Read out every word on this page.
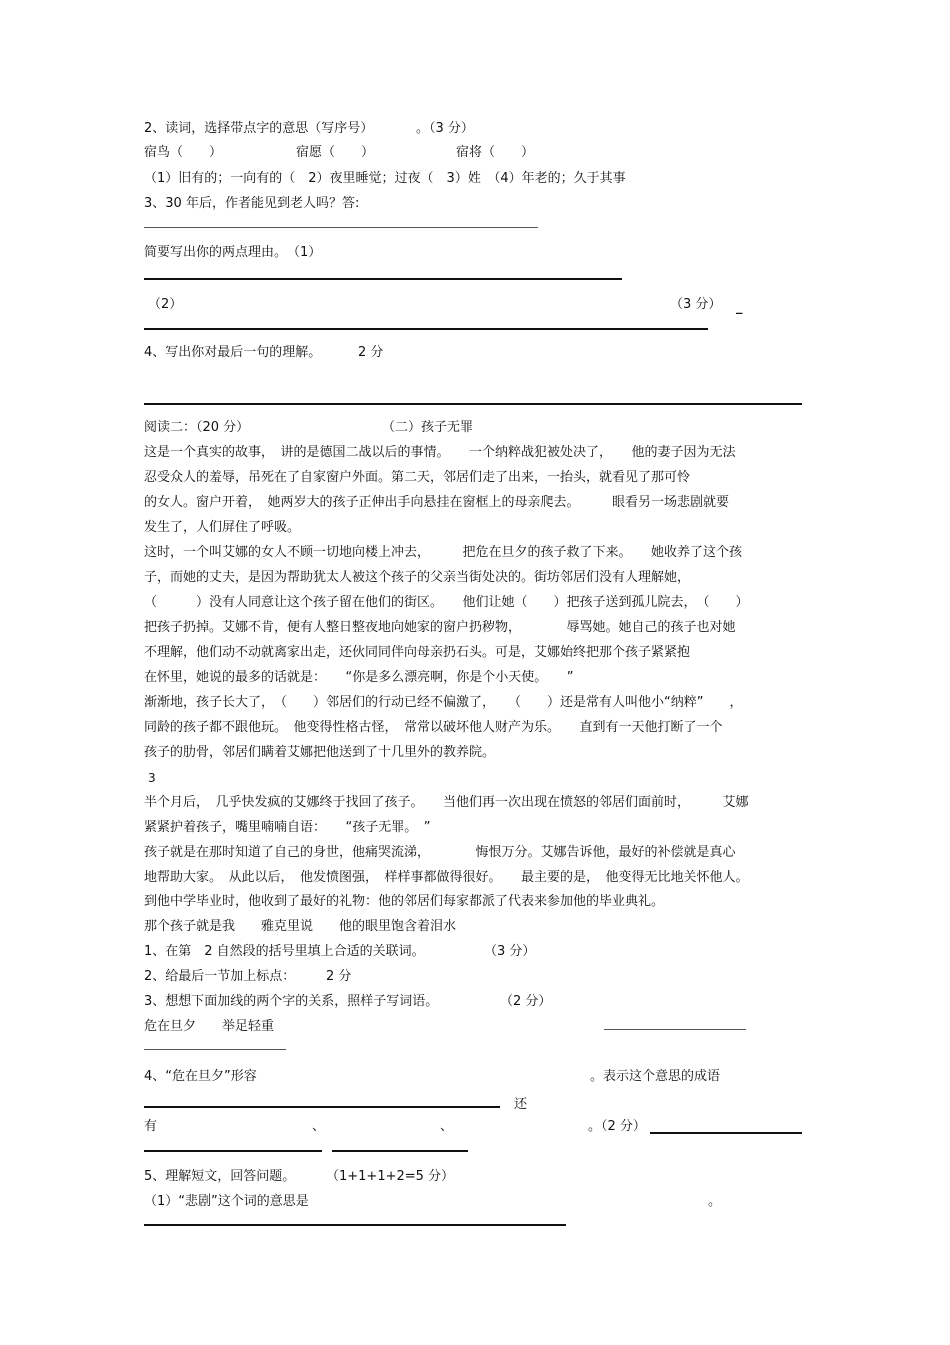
2、读词，选择带点字的意思（写序号）	。（3 分）
宿鸟（　　）	宿愿（　　）	宿将（　　）
（1）旧有的；一向有的（　2）夜里睡觉；过夜（　3）姓　（4）年老的；久于其事
3、30 年后，作者能见到老人吗？答:
简要写出你的两点理由。　（1）
（2）	（3 分） _
4、写出你对最后一句的理解。	2 分
阅读二：（20 分）	（二）孩子无罪
这是一个真实的故事，　讲的是德国二战以后的事情。　　一个纳粹战犯被处决了，　　他的妻子因为无法
忍受众人的羞辱，吊死在了自家窗户外面。第二天，邻居们走了出来，一抬头，就看见了那可怜
的女人。窗户开着，　她两岁大的孩子正伸出手向悬挂在窗框上的母亲爬去。　　　眼看另一场悲剧就要
发生了，人们屏住了呼吸。
这时，一个叫艾娜的女人不顾一切地向楼上冲去，　　　把危在旦夕的孩子救了下来。　　她收养了这个孩
子，而她的丈夫，是因为帮助犹太人被这个孩子的父亲当街处决的。街坊邻居们没有人理解她，
（　　　）没有人同意让这个孩子留在他们的街区。　　他们让她（　　）把孩子送到孤儿院去，　（　　）
把孩子扔掉。艾娜不肯，便有人整日整夜地向她家的窗户扔秽物，　　　　辱骂她。她自己的孩子也对她
不理解，他们动不动就离家出走，还伙同同伴向母亲扔石头。可是，艾娜始终把那个孩子紧紧抱
在怀里，她说的最多的话就是：　　“你是多么漂亮啊，你是个小天使。　　”
渐渐地，孩子长大了，　（　　）邻居们的行动已经不偏激了，　　（　　）还是常有人叫他小“纳粹”　　，
同龄的孩子都不跟他玩。　他变得性格古怪，　常常以破坏他人财产为乐。　　直到有一天他打断了一个
孩子的肋骨，邻居们瞒着艾娜把他送到了十几里外的教养院。
3
半个月后，　几乎快发疯的艾娜终于找回了孩子。　　当他们再一次出现在愤怒的邻居们面前时，　　　艾娜
紧紧护着孩子，嘴里喃喃自语：　　“孩子无罪。　”
孩子就是在那时知道了自己的身世，他痛哭流涕，　　　　悔恨万分。艾娜告诉他，最好的补偿就是真心
地帮助大家。　从此以后，　他发愤图强，　样样事都做得很好。　　最主要的是，　他变得无比地关怀他人。
到他中学毕业时，他收到了最好的礼物：他的邻居们每家都派了代表来参加他的毕业典礼。
那个孩子就是我　　雅克里说　　他的眼里饱含着泪水
1、在第　2 自然段的括号里填上合适的关联词。	（3 分）
2、给最后一节加上标点： 2 分
3、想想下面加线的两个字的关系，照样子写词语。	（2 分）
危在旦夕　　举足轻重
4、“危在旦夕”形容	。表示这个意思的成语
还
有	、	、	。（2 分）
5、理解短文，回答问题。 （1+1+1+2=5 分）
（1）“悲剧”这个词的意思是	。
